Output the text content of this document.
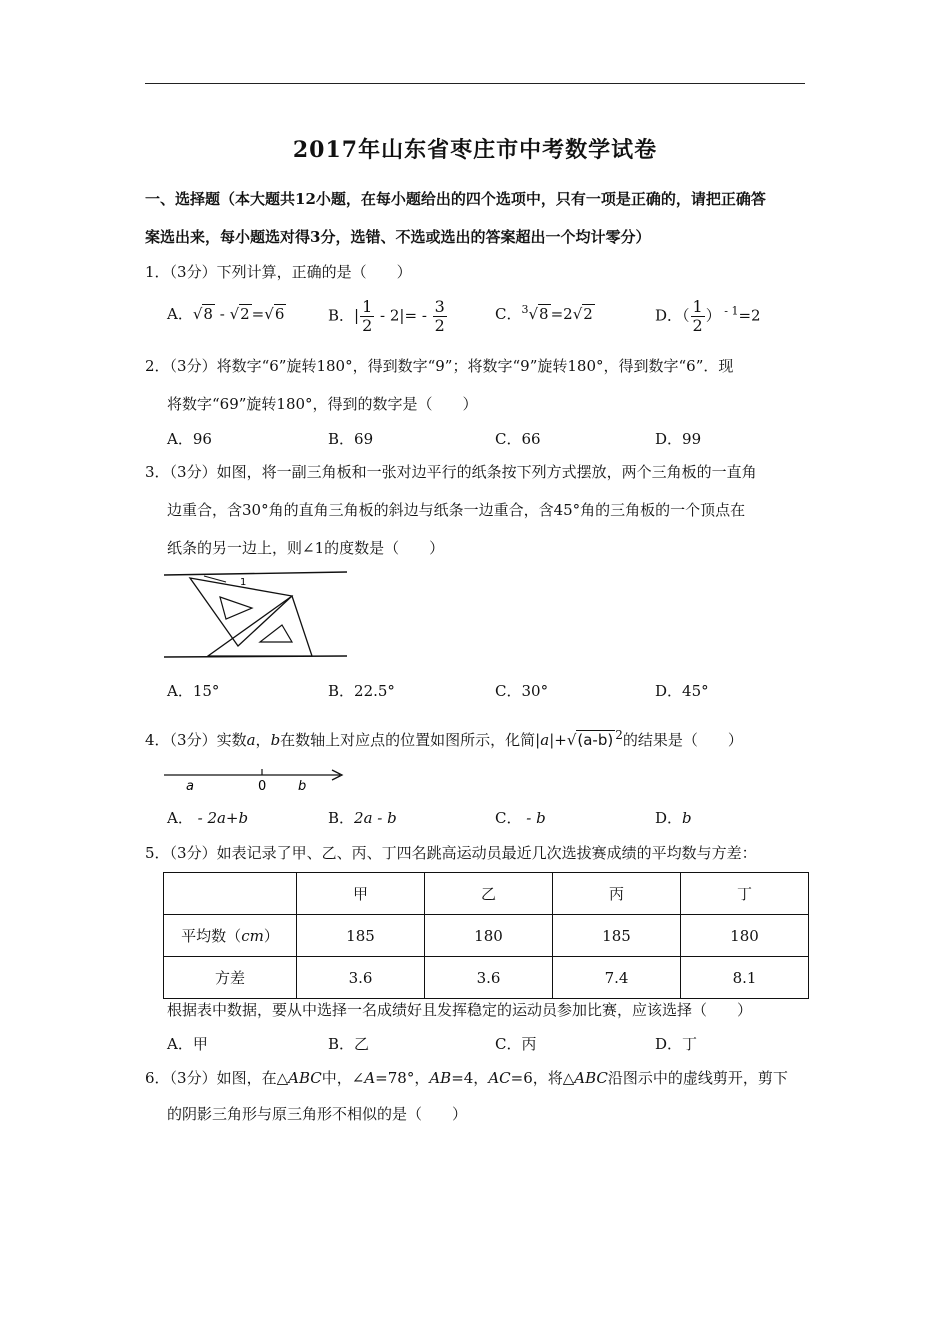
2017年山东省枣庄市中考数学试卷
一、选择题（本大题共12小题，在每小题给出的四个选项中，只有一项是正确的，请把正确答
案选出来，每小题选对得3分，选错、不选或选出的答案超出一个均计零分）
1．（3分）下列计算，正确的是（　　）
A．√8 - √2 =√6	B．| $\frac{1}{2} - 2|= - \frac{3}{2}$	C．$^3$√8 =2√2	D．（ $\frac{1}{2}$ ） $^{- 1}$=2
2．（3分）将数字“6”旋转180°，得到数字“9”；将数字“9”旋转180°，得到数字“6”．现
将数字“69”旋转180°，得到的数字是（　　）
A．96	B．69	C．66	D．99
3．（3分）如图，将一副三角板和一张对边平行的纸条按下列方式摆放，两个三角板的一直角
边重合，含30°角的直角三角板的斜边与纸条一边重合，含45°角的三角板的一个顶点在
纸条的另一边上，则∠1的度数是（　　）
1
A．15°	B．22.5°	C．30°	D．45°
4．（3分）实数a，b在数轴上对应点的位置如图所示，化简|a|+√(a-b) $^2$的结果是（　　）
a	0 b
A． - 2a+b	B．2a - b	C． - b	D．b
5．（3分）如表记录了甲、乙、丙、丁四名跳高运动员最近几次选拔赛成绩的平均数与方差：
	甲	乙	丙	丁
平均数（cm）	185	180	185	180
方差	3.6	3.6	7.4	8.1
根据表中数据，要从中选择一名成绩好且发挥稳定的运动员参加比赛，应该选择（　　）
A．甲	B．乙	C．丙	D．丁
6．（3分）如图，在△ABC中，∠A=78°，AB=4，AC=6，将△ABC沿图示中的虚线剪开，剪下
的阴影三角形与原三角形不相似的是（　　）
